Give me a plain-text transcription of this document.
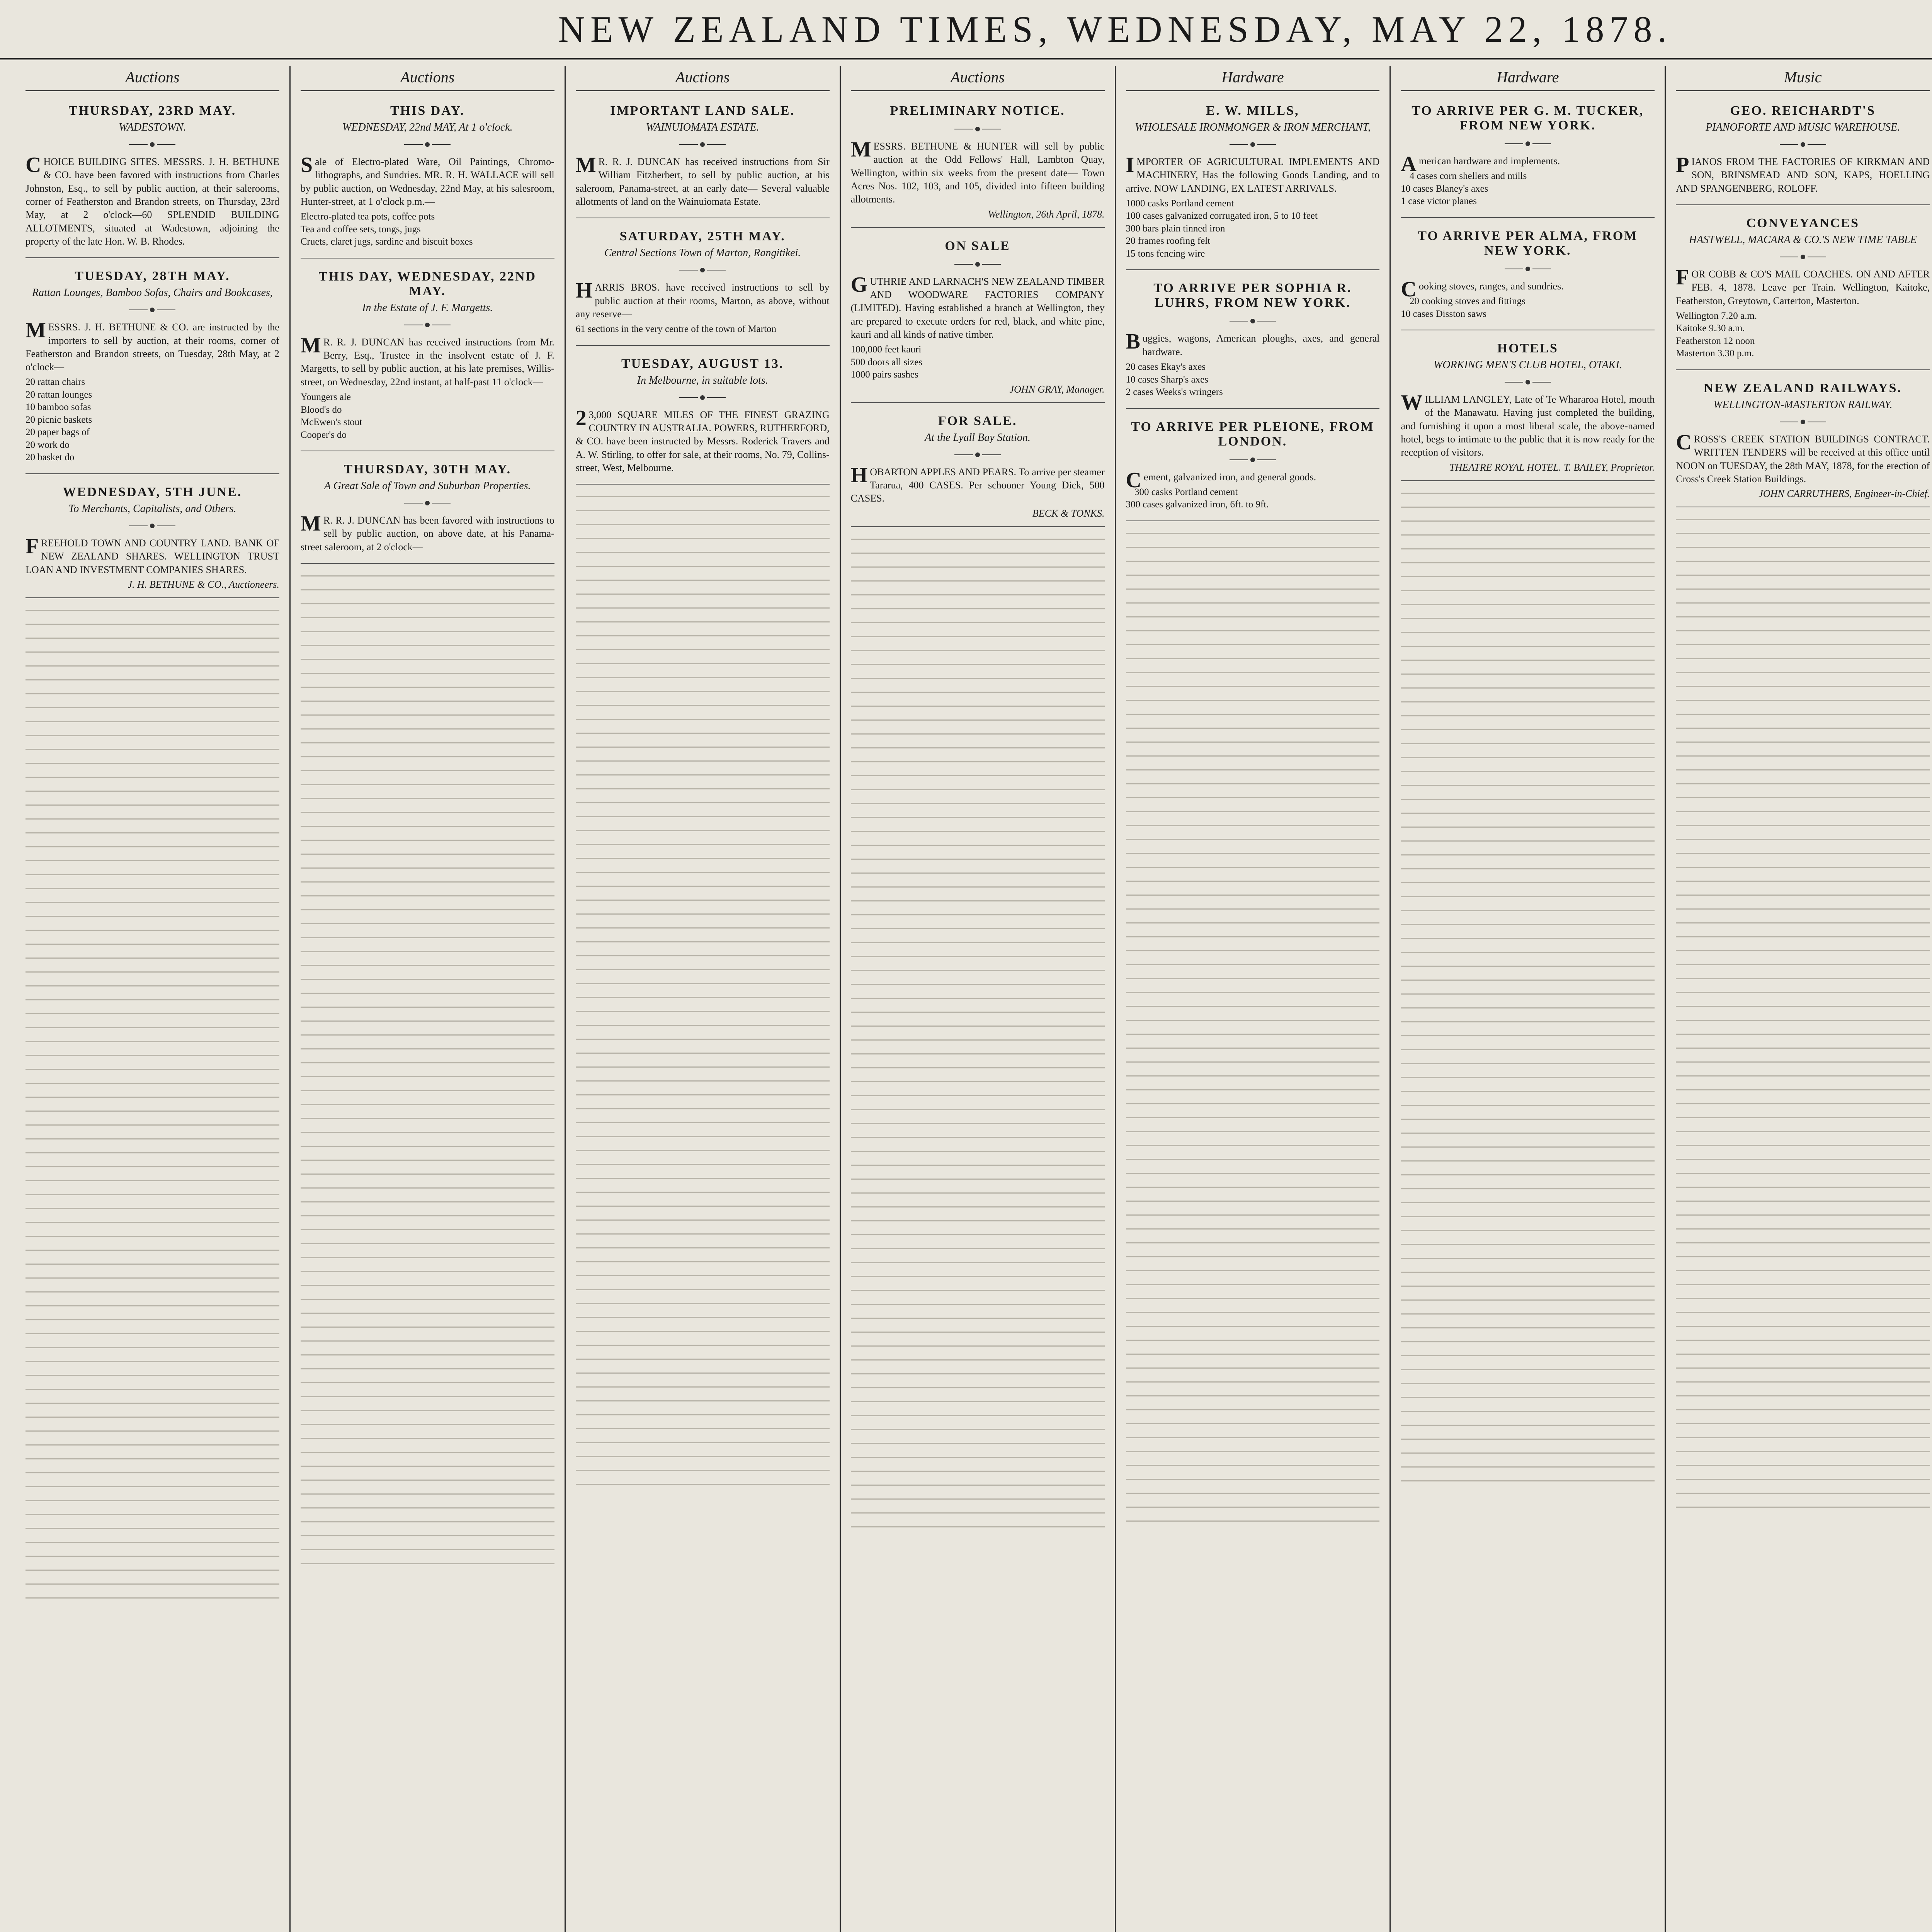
NEW ZEALAND TIMES, WEDNESDAY, MAY 22, 1878.
Auctions
THURSDAY, 23RD MAY.
WADESTOWN.

CHOICE BUILDING SITES. MESSRS. J. H. BETHUNE & CO. have been favored with instructions from Charles Johnston, Esq., to sell by public auction, at their salerooms, corner of Featherston and Brandon streets, on Thursday, 23rd May, at 2 o'clock—60 SPLENDID BUILDING ALLOTMENTS, situated at Wadestown, adjoining the property of the late Hon. W. B. Rhodes.

TUESDAY, 28TH MAY.
Rattan Lounges, Bamboo Sofas, Chairs and Bookcases,

MESSRS. J. H. BETHUNE & CO. are instructed by the importers to sell by auction, at their rooms, corner of Featherston and Brandon streets, on Tuesday, 28th May, at 2 o'clock—

20 rattan chairs
20 rattan lounges
10 bamboo sofas
20 picnic baskets
20 paper bags of
20 work do
20 basket do
WEDNESDAY, 5TH JUNE.
To Merchants, Capitalists, and Others.

FREEHOLD TOWN AND COUNTRY LAND. BANK OF NEW ZEALAND SHARES. WELLINGTON TRUST LOAN AND INVESTMENT COMPANIES SHARES.

J. H. BETHUNE & CO., Auctioneers.
Auctions
THIS DAY.
WEDNESDAY, 22nd MAY, At 1 o'clock.

Sale of Electro-plated Ware, Oil Paintings, Chromo-lithographs, and Sundries. MR. R. H. WALLACE will sell by public auction, on Wednesday, 22nd May, at his salesroom, Hunter-street, at 1 o'clock p.m.—

Electro-plated tea pots, coffee pots
Tea and coffee sets, tongs, jugs
Cruets, claret jugs, sardine and biscuit boxes
THIS DAY, WEDNESDAY, 22ND MAY.
In the Estate of J. F. Margetts.

MR. R. J. DUNCAN has received instructions from Mr. Berry, Esq., Trustee in the insolvent estate of J. F. Margetts, to sell by public auction, at his late premises, Willis-street, on Wednesday, 22nd instant, at half-past 11 o'clock—

Youngers ale
Blood's do
McEwen's stout
Cooper's do
THURSDAY, 30TH MAY.
A Great Sale of Town and Suburban Properties.

MR. R. J. DUNCAN has been favored with instructions to sell by public auction, on above date, at his Panama-street saleroom, at 2 o'clock—

Auctions
IMPORTANT LAND SALE.
WAINUIOMATA ESTATE.

MR. R. J. DUNCAN has received instructions from Sir William Fitzherbert, to sell by public auction, at his saleroom, Panama-street, at an early date— Several valuable allotments of land on the Wainuiomata Estate.

SATURDAY, 25TH MAY.
Central Sections Town of Marton, Rangitikei.

HARRIS BROS. have received instructions to sell by public auction at their rooms, Marton, as above, without any reserve—

61 sections in the very centre of the town of Marton
TUESDAY, AUGUST 13.
In Melbourne, in suitable lots.

23,000 SQUARE MILES OF THE FINEST GRAZING COUNTRY IN AUSTRALIA. POWERS, RUTHERFORD, & CO. have been instructed by Messrs. Roderick Travers and A. W. Stirling, to offer for sale, at their rooms, No. 79, Collins-street, West, Melbourne.

Auctions
PRELIMINARY NOTICE.

MESSRS. BETHUNE & HUNTER will sell by public auction at the Odd Fellows' Hall, Lambton Quay, Wellington, within six weeks from the present date— Town Acres Nos. 102, 103, and 105, divided into fifteen building allotments.

Wellington, 26th April, 1878.
ON SALE

GUTHRIE AND LARNACH'S NEW ZEALAND TIMBER AND WOODWARE FACTORIES COMPANY (LIMITED). Having established a branch at Wellington, they are prepared to execute orders for red, black, and white pine, kauri and all kinds of native timber.

100,000 feet kauri
500 doors all sizes
1000 pairs sashes
JOHN GRAY, Manager.
FOR SALE.
At the Lyall Bay Station.

HOBARTON APPLES AND PEARS. To arrive per steamer Tararua, 400 CASES. Per schooner Young Dick, 500 CASES.

BECK & TONKS.
Hardware
E. W. MILLS,
WHOLESALE IRONMONGER & IRON MERCHANT,

IMPORTER OF AGRICULTURAL IMPLEMENTS AND MACHINERY, Has the following Goods Landing, and to arrive. NOW LANDING, EX LATEST ARRIVALS.

1000 casks Portland cement
100 cases galvanized corrugated iron, 5 to 10 feet
300 bars plain tinned iron
20 frames roofing felt
15 tons fencing wire
TO ARRIVE PER SOPHIA R. LUHRS, FROM NEW YORK.

Buggies, wagons, American ploughs, axes, and general hardware.

20 cases Ekay's axes
10 cases Sharp's axes
2 cases Weeks's wringers
TO ARRIVE PER PLEIONE, FROM LONDON.

Cement, galvanized iron, and general goods.

300 casks Portland cement
300 cases galvanized iron, 6ft. to 9ft.
Hardware
TO ARRIVE PER G. M. TUCKER, FROM NEW YORK.

American hardware and implements.

4 cases corn shellers and mills
10 cases Blaney's axes
1 case victor planes
TO ARRIVE PER ALMA, FROM NEW YORK.

Cooking stoves, ranges, and sundries.

20 cooking stoves and fittings
10 cases Disston saws
HOTELS
WORKING MEN'S CLUB HOTEL, OTAKI.

WILLIAM LANGLEY, Late of Te Whararoa Hotel, mouth of the Manawatu. Having just completed the building, and furnishing it upon a most liberal scale, the above-named hotel, begs to intimate to the public that it is now ready for the reception of visitors.

THEATRE ROYAL HOTEL. T. BAILEY, Proprietor.
Music
GEO. REICHARDT'S
PIANOFORTE AND MUSIC WAREHOUSE.

PIANOS FROM THE FACTORIES OF KIRKMAN AND SON, BRINSMEAD AND SON, KAPS, HOELLING AND SPANGENBERG, ROLOFF.

CONVEYANCES
HASTWELL, MACARA & CO.'S NEW TIME TABLE

FOR COBB & CO'S MAIL COACHES. ON AND AFTER FEB. 4, 1878. Leave per Train. Wellington, Kaitoke, Featherston, Greytown, Carterton, Masterton.

Wellington 7.20 a.m.
Kaitoke 9.30 a.m.
Featherston 12 noon
Masterton 3.30 p.m.
NEW ZEALAND RAILWAYS.
WELLINGTON-MASTERTON RAILWAY.

CROSS'S CREEK STATION BUILDINGS CONTRACT. WRITTEN TENDERS will be received at this office until NOON on TUESDAY, the 28th MAY, 1878, for the erection of Cross's Creek Station Buildings.

JOHN CARRUTHERS, Engineer-in-Chief.
